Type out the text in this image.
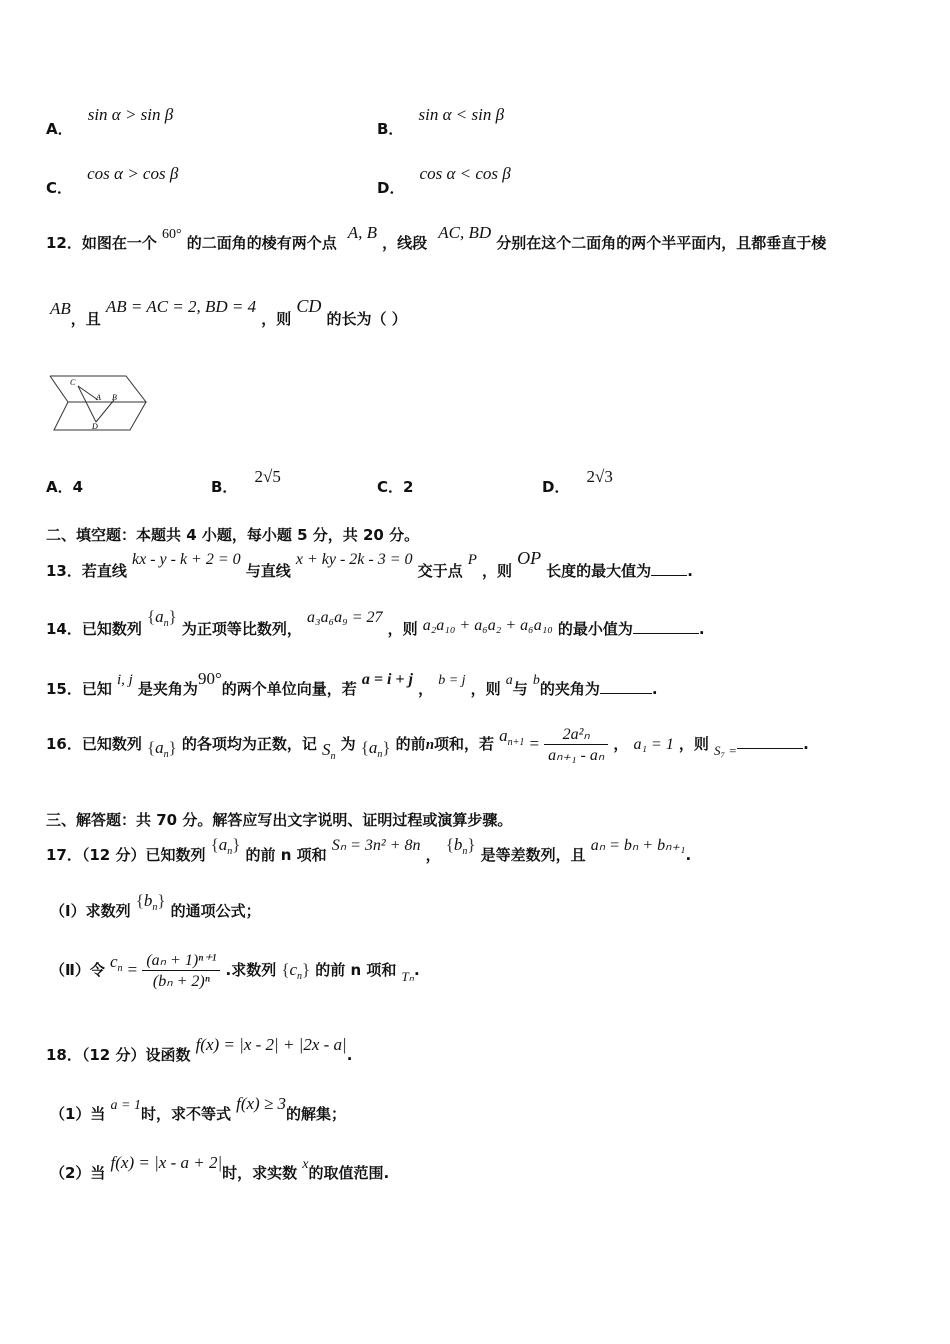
A． sin α > sin β
B． sin α < sin β
C． cos α > cos β
D． cos α < cos β
12．如图在一个 60° 的二面角的棱有两个点 A, B ，线段 AC, BD 分别在这个二面角的两个半平面内，且都垂直于棱
AB，且 AB = AC = 2, BD = 4 ，则 CD 的长为（ ）
C
A B
D
A．4	B． 2√5
C．2	D． 2√3
二、填空题：本题共 4 小题，每小题 5 分，共 20 分。
13．若直线 kx - y - k + 2 = 0 与直线 x + ky - 2k - 3 = 0 交于点 P ，则 OP 长度的最大值为 .
14．已知数列 $\{a_n\}$ 为正项等比数列， a₃a₆a₉ = 27 ，则 a₂a₁₀ + a₆a₂ + a₆a₁₀ 的最小值为	.
15．已知 i, j 是夹角为90°的两个单位向量，若 a = i + j ， b = j ，则 a与 b的夹角为	.
16．已知数列 $\{a_n\}$ 的各项均为正数，记 $S_n$ 为 $\{a_n\}$ 的前n项和，若 $a_{n+1} = \frac{\text{2a²ₙ}}{\text{aₙ₊₁ - aₙ}}$ ， a₁ = 1 ，则 $_{S_7 =}$	.
三、解答题：共 70 分。解答应写出文字说明、证明过程或演算步骤。
17．（12 分）已知数列 $\{a_n\}$ 的前 n 项和 Sₙ = 3n² + 8n ， $\{b_n\}$ 是等差数列，且 aₙ = bₙ + bₙ₊₁.
（Ⅰ）求数列 $\{b_n\}$ 的通项公式；
（Ⅱ）令 $c_n = \frac{\text{(aₙ + 1)ⁿ⁺¹}}{\text{(bₙ + 2)ⁿ}}$ .求数列 $\{c_n\}$ 的前 n 项和 $_{T_n}$.
18．（12 分）设函数 f(x) = |x - 2| + |2x - a|.
（1）当 a = 1时，求不等式 f(x) ≥ 3的解集；
（2）当 f(x) = |x - a + 2|时，求实数 x的取值范围.
